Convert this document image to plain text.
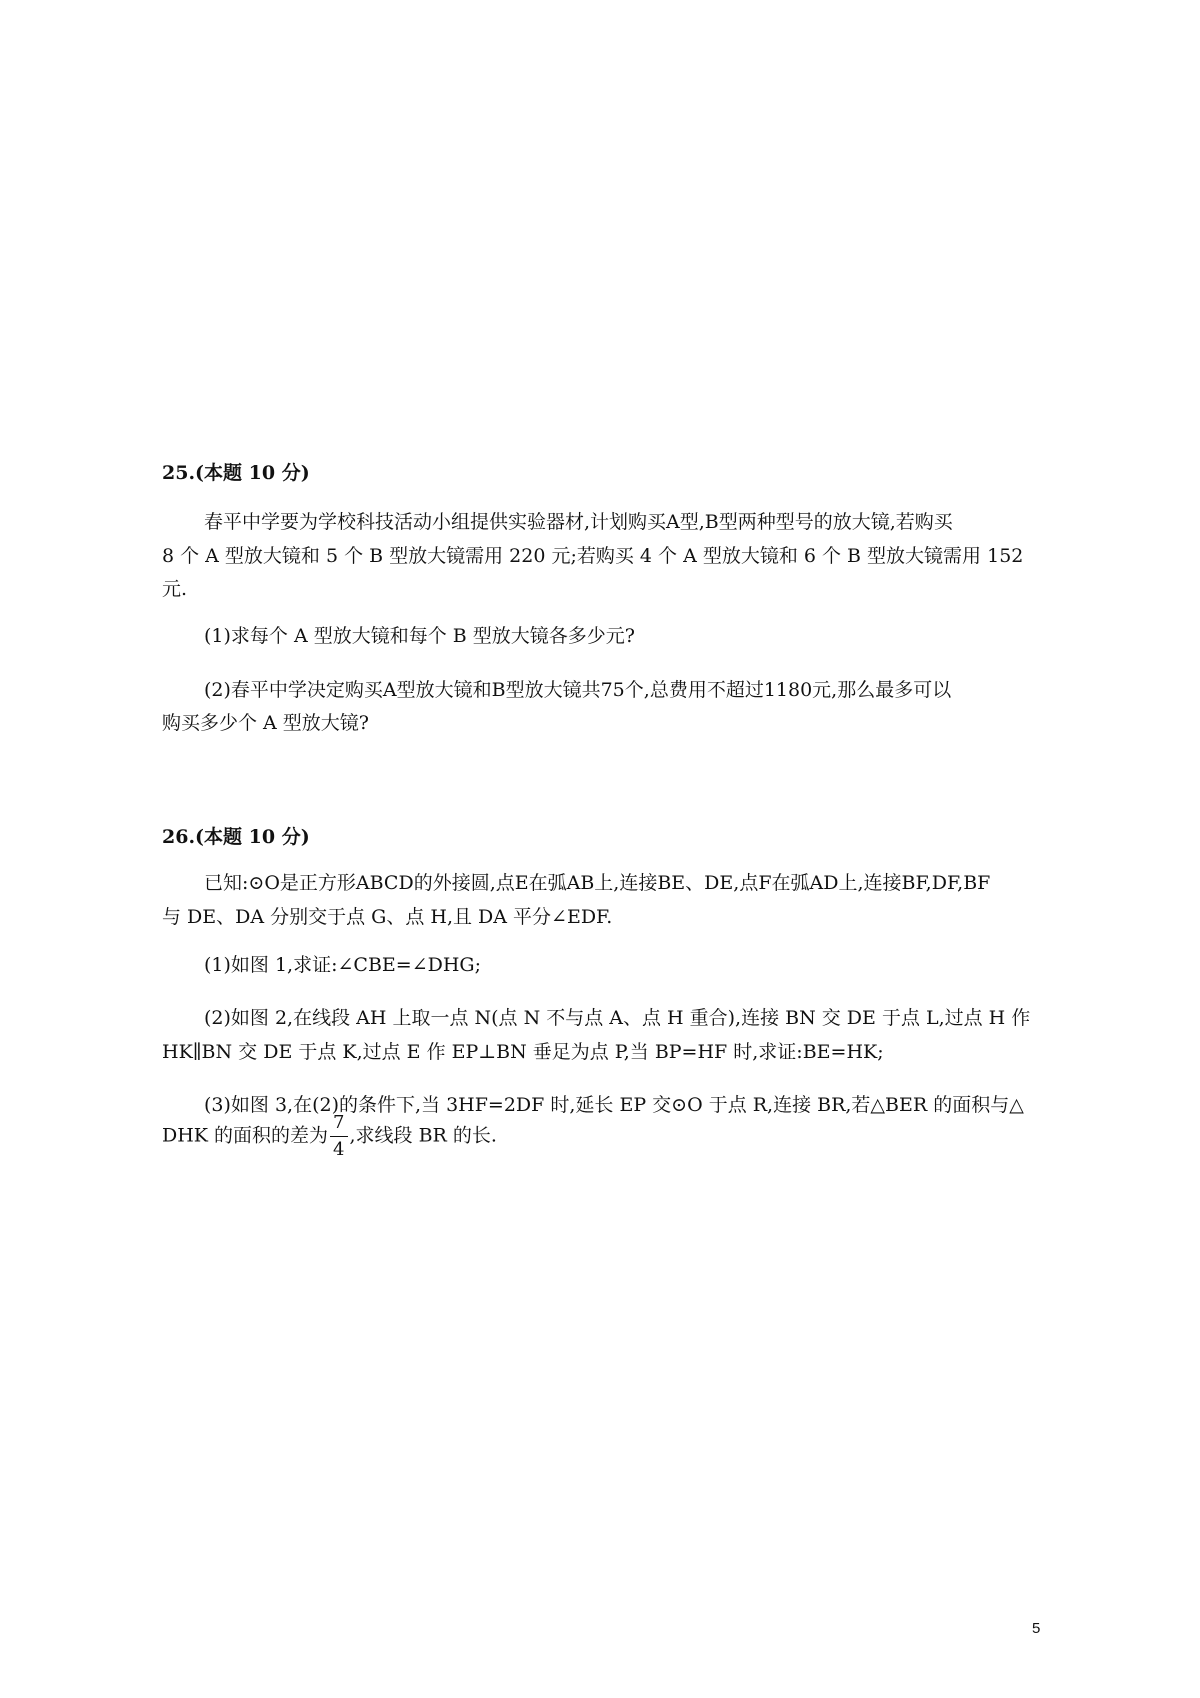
25.(本题 10 分)
春平中学要为学校科技活动小组提供实验器材,计划购买A型,B型两种型号的放大镜,若购买
8 个 A 型放大镜和 5 个 B 型放大镜需用 220 元;若购买 4 个 A 型放大镜和 6 个 B 型放大镜需用 152
元.
(1)求每个 A 型放大镜和每个 B 型放大镜各多少元?
(2)春平中学决定购买A型放大镜和B型放大镜共75个,总费用不超过1180元,那么最多可以
购买多少个 A 型放大镜?
26.(本题 10 分)
已知:⊙O是正方形ABCD的外接圆,点E在弧AB上,连接BE、DE,点F在弧AD上,连接BF,DF,BF
与 DE、DA 分别交于点 G、点 H,且 DA 平分∠EDF.
(1)如图 1,求证:∠CBE=∠DHG;
(2)如图 2,在线段 AH 上取一点 N(点 N 不与点 A、点 H 重合),连接 BN 交 DE 于点 L,过点 H 作
HK∥BN 交 DE 于点 K,过点 E 作 EP⊥BN 垂足为点 P,当 BP=HF 时,求证:BE=HK;
(3)如图 3,在(2)的条件下,当 3HF=2DF 时,延长 EP 交⊙O 于点 R,连接 BR,若△BER 的面积与△
DHK 的面积的差为 $\frac{7}{4}$ ,求线段 BR 的长.
5
